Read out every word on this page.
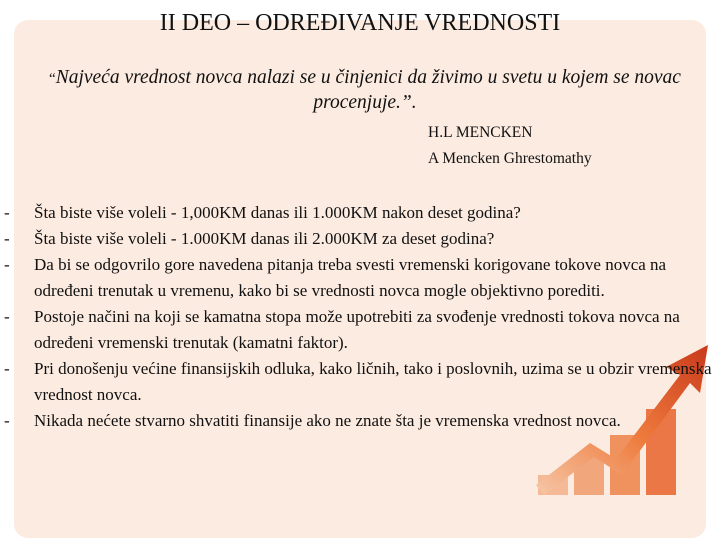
II DEO – ODREĐIVANJE VREDNOSTI

“Najveća vrednost novca nalazi se u činjenici da živimo u svetu u kojem se novac procenjuje.”.

H.L MENCKEN
A Mencken Ghrestomathy
- Šta biste više voleli - 1,000KM danas ili 1.000KM nakon deset godina?
- Šta biste više voleli - 1.000KM danas ili 2.000KM za deset godina?
- Da bi se odgovrilo gore navedena pitanja treba svesti vremenski korigovane tokove novca na određeni trenutak u vremenu, kako bi se vrednosti novca mogle objektivno porediti.
- Postoje načini na koji se kamatna stopa može upotrebiti za svođenje vrednosti tokova novca na određeni vremenski trenutak (kamatni faktor).
- Pri donošenju većine finansijskih odluka, kako ličnih, tako i poslovnih, uzima se u obzir vremenska vrednost novca.
- Nikada nećete stvarno shvatiti finansije ako ne znate šta je vremenska vrednost novca.
